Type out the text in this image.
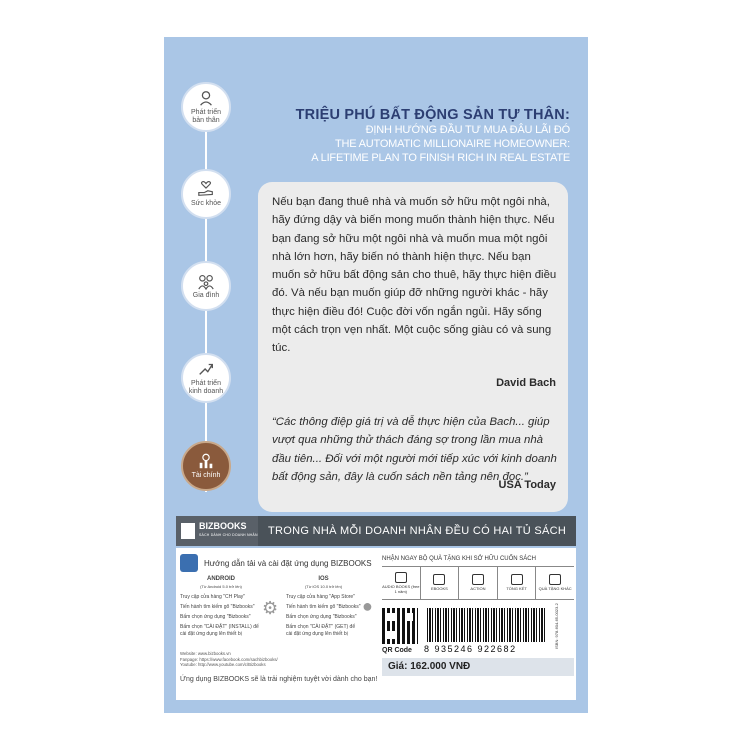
Phát triển
bản thân
Sức khỏe
Gia đình
Phát triển
kinh doanh
Tài chính
TRIỆU PHÚ BẤT ĐỘNG SẢN TỰ THÂN:
ĐỊNH HƯỚNG ĐẦU TƯ MUA ĐÂU LÃI ĐÓ
THE AUTOMATIC MILLIONAIRE HOMEOWNER:
A LIFETIME PLAN TO FINISH RICH IN REAL ESTATE
Nếu bạn đang thuê nhà và muốn sở hữu một ngôi nhà, hãy đứng dậy và biến mong muốn thành hiện thực. Nếu bạn đang sở hữu một ngôi nhà và muốn mua một ngôi nhà lớn hơn, hãy biến nó thành hiện thực. Nếu bạn muốn sở hữu bất động sản cho thuê, hãy thực hiện điều đó. Và nếu bạn muốn giúp đỡ những người khác - hãy thực hiện điều đó! Cuộc đời vốn ngắn ngủi. Hãy sống một cách trọn vẹn nhất. Một cuộc sống giàu có và sung túc.
David Bach
“Các thông điệp giá trị và dễ thực hiện của Bach... giúp vượt qua những thử thách đáng sợ trong lần mua nhà đầu tiên... Đối với một người mới tiếp xúc với kinh doanh bất động sản, đây là cuốn sách nền tảng nên đọc.”
USA Today
BIZBOOKS
SÁCH DÀNH CHO DOANH NHÂN TRONG NHÀ MỖI DOANH NHÂN ĐỀU CÓ HAI TỦ SÁCH
Hướng dẫn tải và cài đặt ứng dụng BIZBOOKS
ANDROID
(Từ Android 5.0 trở lên)
Truy cập cửa hàng "CH Play"
Tiến hành tìm kiếm gõ "Bizbooks"
Bấm chọn ứng dụng "Bizbooks"
Bấm chọn "CÀI ĐẶT" (INSTALL) để cài đặt ứng dụng lên thiết bị
⚙
IOS
(Từ iOS 10.0 trở lên)
Truy cập cửa hàng "App Store"
Tiến hành tìm kiếm gõ "Bizbooks"
Bấm chọn ứng dụng "Bizbooks"
Bấm chọn "CÀI ĐẶT" (GET) để cài đặt ứng dụng lên thiết bị
●
Website: www.bizbooks.vn
Fanpage: https://www.facebook.com/sachbizbooks/
Youtube: http://www.youtube.com/c/Bizbooks
Ứng dụng BIZBOOKS sẽ là trải nghiệm tuyệt vời dành cho bạn!
NHẬN NGAY BỘ QUÀ TẶNG KHI SỞ HỮU CUỐN SÁCH
AUDIO BOOKS (free 1 năm)	EBOOKS	ACTION	TỔNG KẾT	QUÀ TẶNG KHÁC
QR Code 8 935246 922682	ISBN: 978-604-65-0023-2
Giá: 162.000 VNĐ
